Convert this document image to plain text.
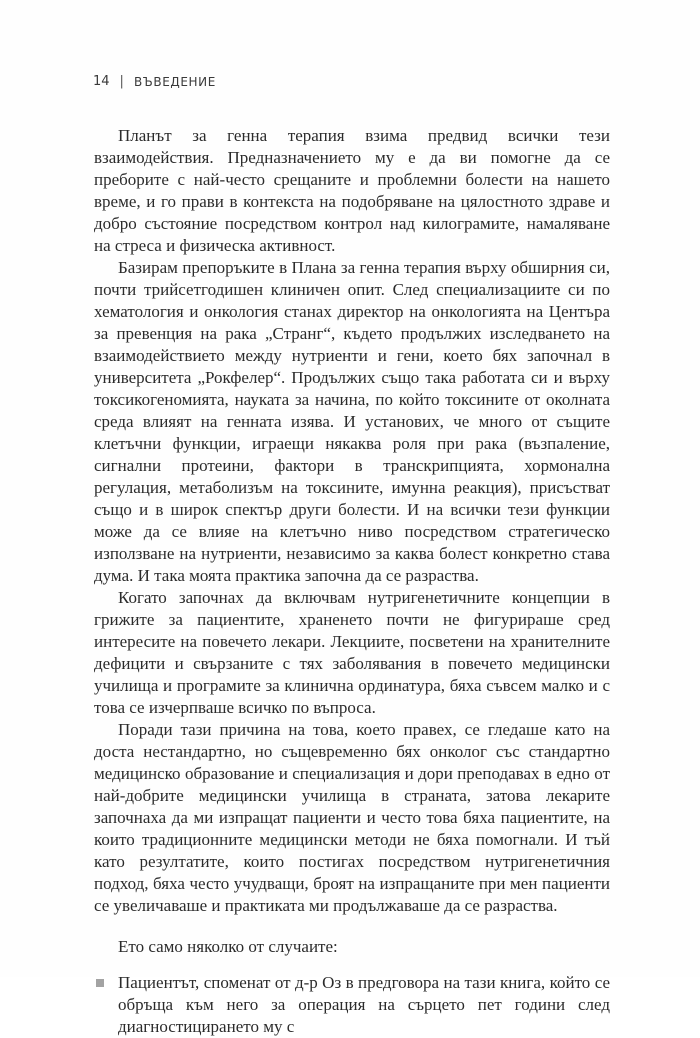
14 | ВЪВЕДЕНИЕ

Планът за генна терапия взима предвид всички тези взаимодействия. Предназначението му е да ви помогне да се преборите с най-често срещаните и проблемни болести на нашето време, и го прави в контекста на подобряване на цялостното здраве и добро състояние посредством контрол над килограмите, намаляване на стреса и физическа активност.

Базирам препоръките в Плана за генна терапия върху обширния си, почти трийсетгодишен клиничен опит. След специализациите си по хематология и онкология станах директор на онкологията на Центъра за превенция на рака „Странг“, където продължих изследването на взаимодействието между нутриенти и гени, което бях започнал в университета „Рокфелер“. Продължих също така работата си и върху токсикогеномията, науката за начина, по който токсините от околната среда влияят на генната изява. И установих, че много от същите клетъчни функции, играещи някаква роля при рака (възпаление, сигнални протеини, фактори в транскрипцията, хормонална регулация, метаболизъм на токсините, имунна реакция), присъстват също и в широк спектър други болести. И на всички тези функции може да се влияе на клетъчно ниво посредством стратегическо използване на нутриенти, независимо за каква болест конкретно става дума. И така моята практика започна да се разраства.

Когато започнах да включвам нутригенетичните концепции в грижите за пациентите, храненето почти не фигурираше сред интересите на повечето лекари. Лекциите, посветени на хранителните дефицити и свързаните с тях заболявания в повечето медицински училища и програмите за клинична ординатура, бяха съвсем малко и с това се изчерпваше всичко по въпроса.

Поради тази причина на това, което правех, се гледаше като на доста нестандартно, но същевременно бях онколог със стандартно медицинско образование и специализация и дори преподавах в едно от най-добрите медицински училища в страната, затова лекарите започнаха да ми изпращат пациенти и често това бяха пациентите, на които традиционните медицински методи не бяха помогнали. И тъй като резултатите, които постигах посредством нутригенетичния подход, бяха често учудващи, броят на изпращаните при мен пациенти се увеличаваше и практиката ми продължаваше да се разраства.

Ето само няколко от случаите:

Пациентът, споменат от д-р Оз в предговора на тази книга, който се обръща към него за операция на сърцето пет години след диагностицирането му с
